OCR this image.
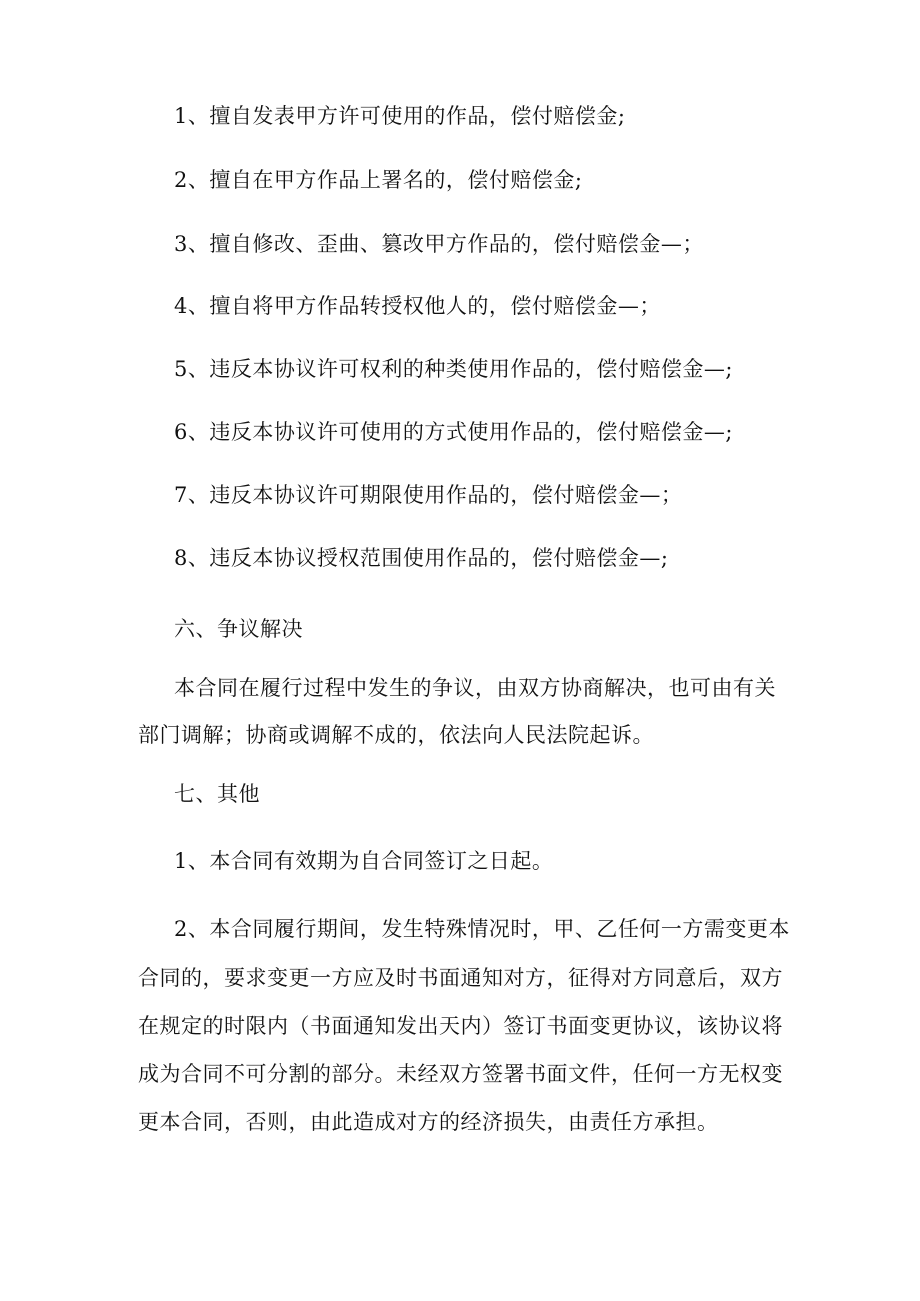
1、擅自发表甲方许可使用的作品，偿付赔偿金;
2、擅自在甲方作品上署名的，偿付赔偿金;
3、擅自修改、歪曲、篡改甲方作品的，偿付赔偿金—；
4、擅自将甲方作品转授权他人的，偿付赔偿金—；
5、违反本协议许可权利的种类使用作品的，偿付赔偿金—;
6、违反本协议许可使用的方式使用作品的，偿付赔偿金—;
7、违反本协议许可期限使用作品的，偿付赔偿金—；
8、违反本协议授权范围使用作品的，偿付赔偿金—;
六、争议解决
本合同在履行过程中发生的争议，由双方协商解决，也可由有关
部门调解；协商或调解不成的，依法向人民法院起诉。
七、其他
1、本合同有效期为自合同签订之日起。
2、本合同履行期间，发生特殊情况时，甲、乙任何一方需变更本
合同的，要求变更一方应及时书面通知对方，征得对方同意后，双方
在规定的时限内（书面通知发出天内）签订书面变更协议，该协议将
成为合同不可分割的部分。未经双方签署书面文件，任何一方无权变
更本合同，否则，由此造成对方的经济损失，由责任方承担。
